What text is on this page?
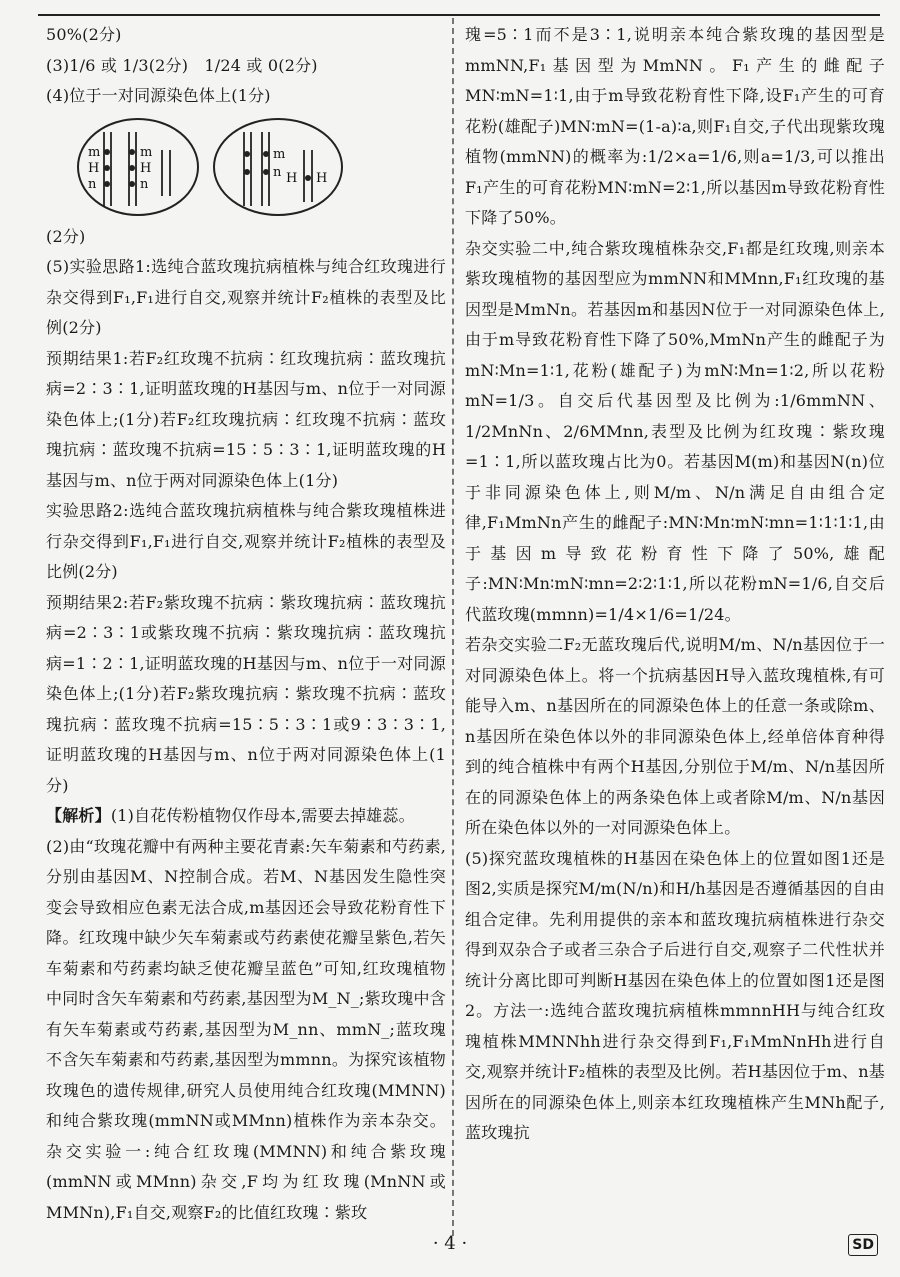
50%(2分)

(3)1/6 或 1/3(2分)　1/24 或 0(2分)

(4)位于一对同源染色体上(1分)

m
H
n
m
H
n
m
H
n	H

(2分)

(5)实验思路1:选纯合蓝玫瑰抗病植株与纯合红玫瑰进行杂交得到F₁,F₁进行自交,观察并统计F₂植株的表型及比例(2分)

预期结果1:若F₂红玫瑰不抗病∶红玫瑰抗病∶蓝玫瑰抗病=2∶3∶1,证明蓝玫瑰的H基因与m、n位于一对同源染色体上;(1分)若F₂红玫瑰抗病∶红玫瑰不抗病∶蓝玫瑰抗病∶蓝玫瑰不抗病=15∶5∶3∶1,证明蓝玫瑰的H基因与m、n位于两对同源染色体上(1分)

实验思路2:选纯合蓝玫瑰抗病植株与纯合紫玫瑰植株进行杂交得到F₁,F₁进行自交,观察并统计F₂植株的表型及比例(2分)

预期结果2:若F₂紫玫瑰不抗病∶紫玫瑰抗病∶蓝玫瑰抗病=2∶3∶1或紫玫瑰不抗病∶紫玫瑰抗病∶蓝玫瑰抗病=1∶2∶1,证明蓝玫瑰的H基因与m、n位于一对同源染色体上;(1分)若F₂紫玫瑰抗病∶紫玫瑰不抗病∶蓝玫瑰抗病∶蓝玫瑰不抗病=15∶5∶3∶1或9∶3∶3∶1,证明蓝玫瑰的H基因与m、n位于两对同源染色体上(1分)

【解析】(1)自花传粉植物仅作母本,需要去掉雄蕊。

(2)由“玫瑰花瓣中有两种主要花青素:矢车菊素和芍药素,分别由基因M、N控制合成。若M、N基因发生隐性突变会导致相应色素无法合成,m基因还会导致花粉育性下降。红玫瑰中缺少矢车菊素或芍药素使花瓣呈紫色,若矢车菊素和芍药素均缺乏使花瓣呈蓝色”可知,红玫瑰植物中同时含矢车菊素和芍药素,基因型为M_N_;紫玫瑰中含有矢车菊素或芍药素,基因型为M_nn、mmN_;蓝玫瑰不含矢车菊素和芍药素,基因型为mmnn。为探究该植物玫瑰色的遗传规律,研究人员使用纯合红玫瑰(MMNN)和纯合紫玫瑰(mmNN或MMnn)植株作为亲本杂交。杂交实验一:纯合红玫瑰(MMNN)和纯合紫玫瑰(mmNN或MMnn)杂交,F均为红玫瑰(MnNN或MMNn),F₁自交,观察F₂的比值红玫瑰∶紫玫

瑰=5∶1而不是3∶1,说明亲本纯合紫玫瑰的基因型是mmNN,F₁基因型为MmNN。F₁产生的雌配子MN∶mN=1∶1,由于m导致花粉育性下降,设F₁产生的可育花粉(雄配子)MN∶mN=(1-a)∶a,则F₁自交,子代出现紫玫瑰植物(mmNN)的概率为:1/2×a=1/6,则a=1/3,可以推出F₁产生的可育花粉MN∶mN=2∶1,所以基因m导致花粉育性下降了50%。

杂交实验二中,纯合紫玫瑰植株杂交,F₁都是红玫瑰,则亲本紫玫瑰植物的基因型应为mmNN和MMnn,F₁红玫瑰的基因型是MmNn。若基因m和基因N位于一对同源染色体上,由于m导致花粉育性下降了50%,MmNn产生的雌配子为mN∶Mn=1∶1,花粉(雄配子)为mN∶Mn=1∶2,所以花粉mN=1/3。自交后代基因型及比例为:1/6mmNN、1/2MnNn、2/6MMnn,表型及比例为红玫瑰∶紫玫瑰=1∶1,所以蓝玫瑰占比为0。若基因M(m)和基因N(n)位于非同源染色体上,则M/m、N/n满足自由组合定律,F₁MmNn产生的雌配子:MN∶Mn∶mN∶mn=1∶1∶1∶1,由于基因m导致花粉育性下降了50%,雄配子:MN∶Mn∶mN∶mn=2∶2∶1∶1,所以花粉mN=1/6,自交后代蓝玫瑰(mmnn)=1/4×1/6=1/24。

若杂交实验二F₂无蓝玫瑰后代,说明M/m、N/n基因位于一对同源染色体上。将一个抗病基因H导入蓝玫瑰植株,有可能导入m、n基因所在的同源染色体上的任意一条或除m、n基因所在染色体以外的非同源染色体上,经单倍体育种得到的纯合植株中有两个H基因,分别位于M/m、N/n基因所在的同源染色体上的两条染色体上或者除M/m、N/n基因所在染色体以外的一对同源染色体上。

(5)探究蓝玫瑰植株的H基因在染色体上的位置如图1还是图2,实质是探究M/m(N/n)和H/h基因是否遵循基因的自由组合定律。先利用提供的亲本和蓝玫瑰抗病植株进行杂交得到双杂合子或者三杂合子后进行自交,观察子二代性状并统计分离比即可判断H基因在染色体上的位置如图1还是图2。方法一:选纯合蓝玫瑰抗病植株mmnnHH与纯合红玫瑰植株MMNNhh进行杂交得到F₁,F₁MmNnHh进行自交,观察并统计F₂植株的表型及比例。若H基因位于m、n基因所在的同源染色体上,则亲本红玫瑰植株产生MNh配子,蓝玫瑰抗

· 4 ·	SD
